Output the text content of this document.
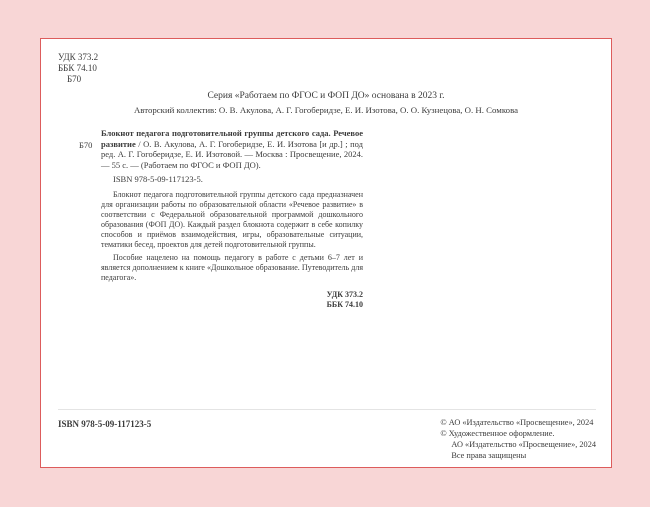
УДК 373.2
ББК 74.10
Б70
Серия «Работаем по ФГОС и ФОП ДО» основана в 2023 г.
Авторский коллектив: О. В. Акулова, А. Г. Гогоберидзе, Е. И. Изотова, О. О. Кузнецова, О. Н. Сомкова
Б70
Блокнот педагога подготовительной группы детского сада. Речевое развитие / О. В. Акулова, А. Г. Гогоберидзе, Е. И. Изотова [и др.] ; под ред. А. Г. Гогоберидзе, Е. И. Изотовой. — Москва : Просвещение, 2024. — 55 с. — (Работаем по ФГОС и ФОП ДО).
ISBN 978-5-09-117123-5.

Блокнот педагога подготовительной группы детского сада предназначен для организации работы по образовательной области «Речевое развитие» в соответствии с Федеральной образовательной программой дошкольного образования (ФОП ДО). Каждый раздел блокнота содержит в себе копилку способов и приёмов взаимодействия, игры, образовательные ситуации, тематики бесед, проектов для детей подготовительной группы.

Пособие нацелено на помощь педагогу в работе с детьми 6–7 лет и является дополнением к книге «Дошкольное образование. Путеводитель для педагога».

УДК 373.2
ББК 74.10
ISBN 978-5-09-117123-5	© АО «Издательство «Просвещение», 2024
© Художественное оформление.
АО «Издательство «Просвещение», 2024
Все права защищены
